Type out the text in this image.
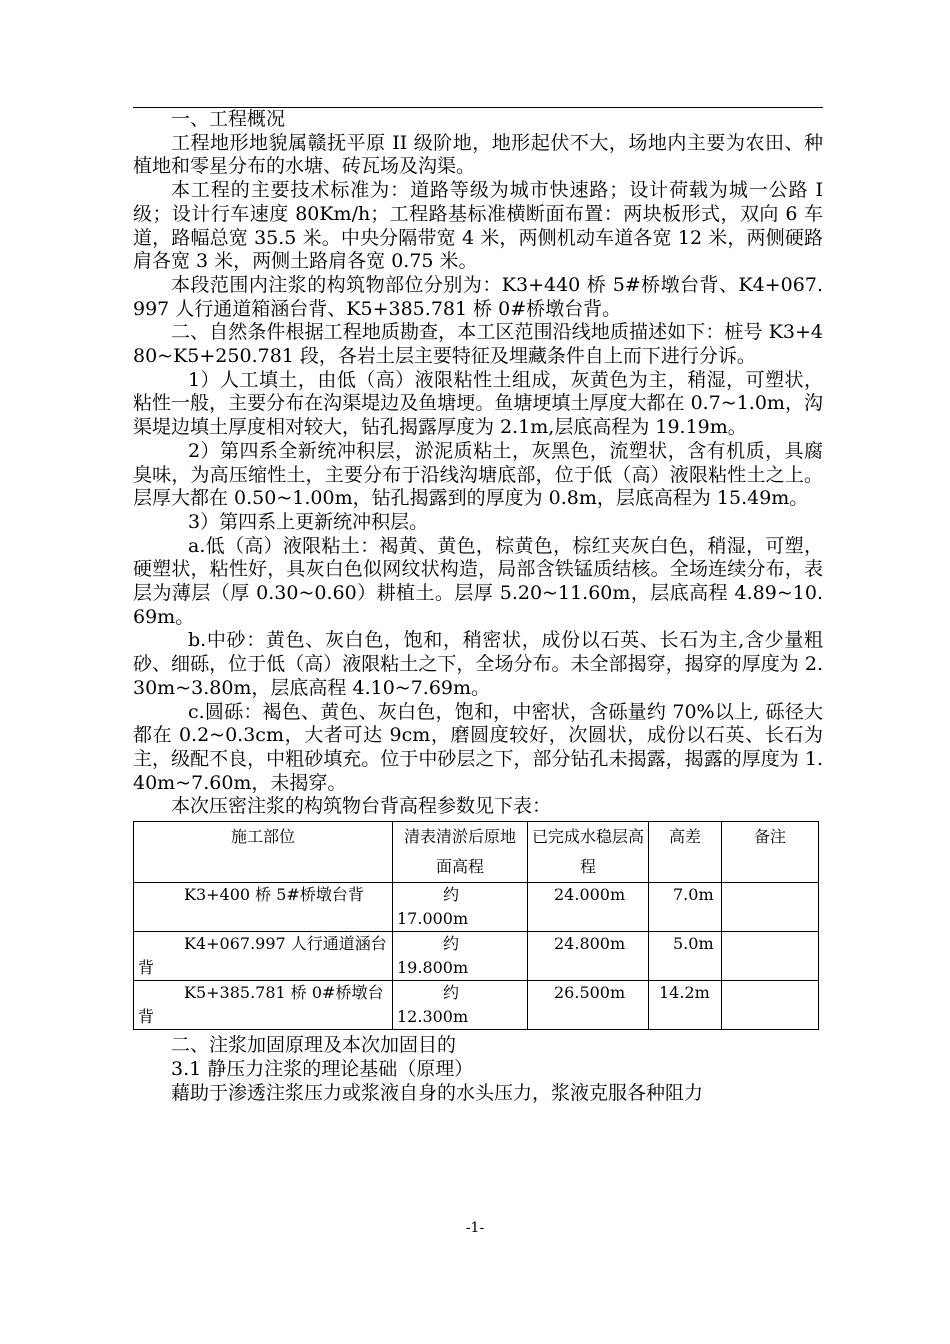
一、工程概况

工程地形地貌属赣抚平原 II 级阶地，地形起伏不大，场地内主要为农田、种植地和零星分布的水塘、砖瓦场及沟渠。

本工程的主要技术标准为：道路等级为城市快速路；设计荷载为城一公路 I 级；设计行车速度 80Km/h；工程路基标准横断面布置：两块板形式，双向 6 车道，路幅总宽 35.5 米。中央分隔带宽 4 米，两侧机动车道各宽 12 米，两侧硬路肩各宽 3 米，两侧土路肩各宽 0.75 米。

本段范围内注浆的构筑物部位分别为：K3+440 桥 5#桥墩台背、K4+067.997 人行通道箱涵台背、K5+385.781 桥 0#桥墩台背。

二、自然条件根据工程地质勘查，本工区范围沿线地质描述如下：桩号 K3+480~K5+250.781 段，各岩土层主要特征及埋藏条件自上而下进行分诉。

1）人工填土，由低（高）液限粘性土组成，灰黄色为主，稍湿，可塑状，粘性一般，主要分布在沟渠堤边及鱼塘埂。鱼塘埂填土厚度大都在 0.7~1.0m，沟渠堤边填土厚度相对较大，钻孔揭露厚度为 2.1m,层底高程为 19.19m。

2）第四系全新统冲积层，淤泥质粘土，灰黑色，流塑状，含有机质，具腐臭味，为高压缩性土，主要分布于沿线沟塘底部，位于低（高）液限粘性土之上。层厚大都在 0.50~1.00m，钻孔揭露到的厚度为 0.8m，层底高程为 15.49m。

3）第四系上更新统冲积层。

a.低（高）液限粘土：褐黄、黄色，棕黄色，棕红夹灰白色，稍湿，可塑，硬塑状，粘性好，具灰白色似网纹状构造，局部含铁锰质结核。全场连续分布，表层为薄层（厚 0.30~0.60）耕植土。层厚 5.20~11.60m，层底高程 4.89~10.69m。

b.中砂：黄色、灰白色，饱和，稍密状，成份以石英、长石为主,含少量粗砂、细砾，位于低（高）液限粘土之下，全场分布。未全部揭穿，揭穿的厚度为 2.30m~3.80m，层底高程 4.10~7.69m。

c.圆砾：褐色、黄色、灰白色，饱和，中密状，含砾量约 70%以上, 砾径大都在 0.2~0.3cm，大者可达 9cm，磨圆度较好，次圆状，成份以石英、长石为主，级配不良，中粗砂填充。位于中砂层之下，部分钻孔未揭露，揭露的厚度为 1.40m~7.60m，未揭穿。

本次压密注浆的构筑物台背高程参数见下表：

施工部位	清表清淤后原地面高程	已完成水稳层高程	高差	备注
K3+400 桥 5#桥墩台背	约17.000m	24.000m	7.0m	
K4+067.997 人行通道涵台背	约19.800m	24.800m	5.0m	
K5+385.781 桥 0#桥墩台背	约12.300m	26.500m	14.2m	

二、注浆加固原理及本次加固目的

3.1 静压力注浆的理论基础（原理）

藉助于渗透注浆压力或浆液自身的水头压力，浆液克服各种阻力

-1-
